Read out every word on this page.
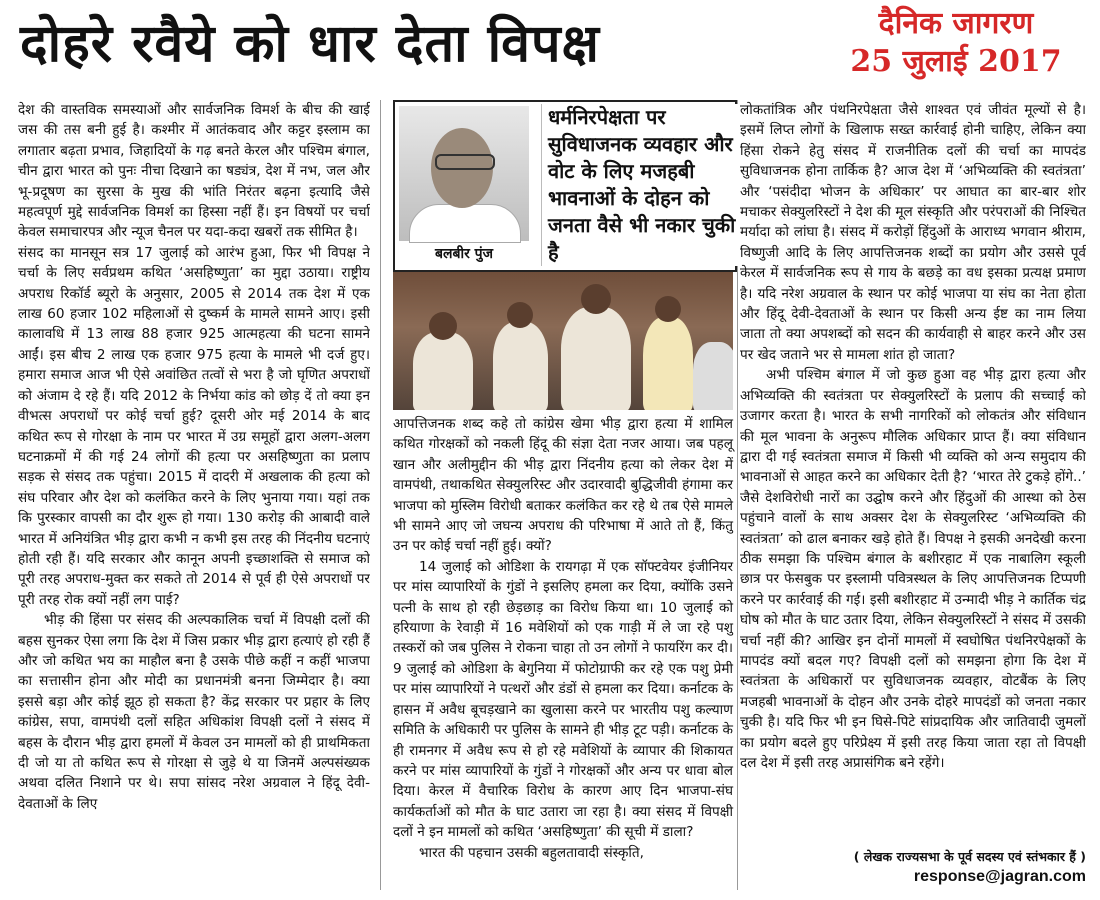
दोहरे रवैये को धार देता विपक्ष	दैनिक जागरण
25 जुलाई 2017

देश की वास्तविक समस्याओं और सार्वजनिक विमर्श के बीच की खाई जस की तस बनी हुई है। कश्मीर में आतंकवाद और कट्टर इस्लाम का लगातार बढ़ता प्रभाव, जिहादियों के गढ़ बनते केरल और पश्चिम बंगाल, चीन द्वारा भारत को पुनः नीचा दिखाने का षड्यंत्र, देश में नभ, जल और भू-प्रदूषण का सुरसा के मुख की भांति निरंतर बढ़ना इत्यादि जैसे महत्वपूर्ण मुद्दे सार्वजनिक विमर्श का हिस्सा नहीं हैं। इन विषयों पर चर्चा केवल समाचारपत्र और न्यूज चैनल पर यदा-कदा खबरों तक सीमित है।

संसद का मानसून सत्र 17 जुलाई को आरंभ हुआ, फिर भी विपक्ष ने चर्चा के लिए सर्वप्रथम कथित ‘असहिष्णुता’ का मुद्दा उठाया। राष्ट्रीय अपराध रिकॉर्ड ब्यूरो के अनुसार, 2005 से 2014 तक देश में एक लाख 60 हजार 102 महिलाओं से दुष्कर्म के मामले सामने आए। इसी कालावधि में 13 लाख 88 हजार 925 आत्महत्या की घटना सामने आईं। इस बीच 2 लाख एक हजार 975 हत्या के मामले भी दर्ज हुए। हमारा समाज आज भी ऐसे अवांछित तत्वों से भरा है जो घृणित अपराधों को अंजाम दे रहे हैं। यदि 2012 के निर्भया कांड को छोड़ दें तो क्या इन वीभत्स अपराधों पर कोई चर्चा हुई? दूसरी ओर मई 2014 के बाद कथित रूप से गोरक्षा के नाम पर भारत में उग्र समूहों द्वारा अलग-अलग घटनाक्रमों में की गई 24 लोगों की हत्या पर असहिष्णुता का प्रलाप सड़क से संसद तक पहुंचा। 2015 में दादरी में अखलाक की हत्या को संघ परिवार और देश को कलंकित करने के लिए भुनाया गया। यहां तक कि पुरस्कार वापसी का दौर शुरू हो गया। 130 करोड़ की आबादी वाले भारत में अनियंत्रित भीड़ द्वारा कभी न कभी इस तरह की निंदनीय घटनाएं होती रही हैं। यदि सरकार और कानून अपनी इच्छाशक्ति से समाज को पूरी तरह अपराध-मुक्त कर सकते तो 2014 से पूर्व ही ऐसे अपराधों पर पूरी तरह रोक क्यों नहीं लग पाई?

भीड़ की हिंसा पर संसद की अल्पकालिक चर्चा में विपक्षी दलों की बहस सुनकर ऐसा लगा कि देश में जिस प्रकार भीड़ द्वारा हत्याएं हो रही हैं और जो कथित भय का माहौल बना है उसके पीछे कहीं न कहीं भाजपा का सत्तासीन होना और मोदी का प्रधानमंत्री बनना जिम्मेदार है। क्या इससे बड़ा और कोई झूठ हो सकता है? केंद्र सरकार पर प्रहार के लिए कांग्रेस, सपा, वामपंथी दलों सहित अधिकांश विपक्षी दलों ने संसद में बहस के दौरान भीड़ द्वारा हमलों में केवल उन मामलों को ही प्राथमिकता दी जो या तो कथित रूप से गोरक्षा से जुड़े थे या जिनमें अल्पसंख्यक अथवा दलित निशाने पर थे। सपा सांसद नरेश अग्रवाल ने हिंदू देवी-देवताओं के लिए

बलबीर पुंज
धर्मनिरपेक्षता पर सुविधाजनक व्यवहार और वोट के लिए मजहबी भावनाओं के दोहन को जनता वैसे भी नकार चुकी है

आपत्तिजनक शब्द कहे तो कांग्रेस खेमा भीड़ द्वारा हत्या में शामिल कथित गोरक्षकों को नकली हिंदू की संज्ञा देता नजर आया। जब पहलू खान और अलीमुद्दीन की भीड़ द्वारा निंदनीय हत्या को लेकर देश में वामपंथी, तथाकथित सेक्युलरिस्ट और उदारवादी बुद्धिजीवी हंगामा कर भाजपा को मुस्लिम विरोधी बताकर कलंकित कर रहे थे तब ऐसे मामले भी सामने आए जो जघन्य अपराध की परिभाषा में आते तो हैं, किंतु उन पर कोई चर्चा नहीं हुई। क्यों?

14 जुलाई को ओडिशा के रायगढ़ा में एक सॉफ्टवेयर इंजीनियर पर मांस व्यापारियों के गुंडों ने इसलिए हमला कर दिया, क्योंकि उसने पत्नी के साथ हो रही छेड़छाड़ का विरोध किया था। 10 जुलाई को हरियाणा के रेवाड़ी में 16 मवेशियों को एक गाड़ी में ले जा रहे पशु तस्करों को जब पुलिस ने रोकना चाहा तो उन लोगों ने फायरिंग कर दी। 9 जुलाई को ओडिशा के बेगुनिया में फोटोग्राफी कर रहे एक पशु प्रेमी पर मांस व्यापारियों ने पत्थरों और डंडों से हमला कर दिया। कर्नाटक के हासन में अवैध बूचड़खाने का खुलासा करने पर भारतीय पशु कल्याण समिति के अधिकारी पर पुलिस के सामने ही भीड़ टूट पड़ी। कर्नाटक के ही रामनगर में अवैध रूप से हो रहे मवेशियों के व्यापार की शिकायत करने पर मांस व्यापारियों के गुंडों ने गोरक्षकों और अन्य पर धावा बोल दिया। केरल में वैचारिक विरोध के कारण आए दिन भाजपा-संघ कार्यकर्ताओं को मौत के घाट उतारा जा रहा है। क्या संसद में विपक्षी दलों ने इन मामलों को कथित ‘असहिष्णुता’ की सूची में डाला?

भारत की पहचान उसकी बहुलतावादी संस्कृति,

लोकतांत्रिक और पंथनिरपेक्षता जैसे शाश्वत एवं जीवंत मूल्यों से है। इसमें लिप्त लोगों के खिलाफ सख्त कार्रवाई होनी चाहिए, लेकिन क्या हिंसा रोकने हेतु संसद में राजनीतिक दलों की चर्चा का मापदंड सुविधाजनक होना तार्किक है? आज देश में ‘अभिव्यक्ति की स्वतंत्रता’ और ‘पसंदीदा भोजन के अधिकार’ पर आघात का बार-बार शोर मचाकर सेक्युलरिस्टों ने देश की मूल संस्कृति और परंपराओं की निश्चित मर्यादा को लांघा है। संसद में करोड़ों हिंदुओं के आराध्य भगवान श्रीराम, विष्णुजी आदि के लिए आपत्तिजनक शब्दों का प्रयोग और उससे पूर्व केरल में सार्वजनिक रूप से गाय के बछड़े का वध इसका प्रत्यक्ष प्रमाण है। यदि नरेश अग्रवाल के स्थान पर कोई भाजपा या संघ का नेता होता और हिंदू देवी-देवताओं के स्थान पर किसी अन्य ईष्ट का नाम लिया जाता तो क्या अपशब्दों को सदन की कार्यवाही से बाहर करने और उस पर खेद जताने भर से मामला शांत हो जाता?

अभी पश्चिम बंगाल में जो कुछ हुआ वह भीड़ द्वारा हत्या और अभिव्यक्ति की स्वतंत्रता पर सेक्युलरिस्टों के प्रलाप की सच्चाई को उजागर करता है। भारत के सभी नागरिकों को लोकतंत्र और संविधान की मूल भावना के अनुरूप मौलिक अधिकार प्राप्त हैं। क्या संविधान द्वारा दी गई स्वतंत्रता समाज में किसी भी व्यक्ति को अन्य समुदाय की भावनाओं से आहत करने का अधिकार देती है? ‘भारत तेरे टुकड़े होंगे..’ जैसे देशविरोधी नारों का उद्घोष करने और हिंदुओं की आस्था को ठेस पहुंचाने वालों के साथ अक्सर देश के सेक्युलरिस्ट ‘अभिव्यक्ति की स्वतंत्रता’ को ढाल बनाकर खड़े होते हैं। विपक्ष ने इसकी अनदेखी करना ठीक समझा कि पश्चिम बंगाल के बशीरहाट में एक नाबालिग स्कूली छात्र पर फेसबुक पर इस्लामी पवित्रस्थल के लिए आपत्तिजनक टिप्पणी करने पर कार्रवाई की गई। इसी बशीरहाट में उन्मादी भीड़ ने कार्तिक चंद्र घोष को मौत के घाट उतार दिया, लेकिन सेक्युलरिस्टों ने संसद में उसकी चर्चा नहीं की? आखिर इन दोनों मामलों में स्वघोषित पंथनिरपेक्षकों के मापदंड क्यों बदल गए? विपक्षी दलों को समझना होगा कि देश में स्वतंत्रता के अधिकारों पर सुविधाजनक व्यवहार, वोटबैंक के लिए मजहबी भावनाओं के दोहन और उनके दोहरे मापदंडों को जनता नकार चुकी है। यदि फिर भी इन घिसे-पिटे सांप्रदायिक और जातिवादी जुमलों का प्रयोग बदले हुए परिप्रेक्ष्य में इसी तरह किया जाता रहा तो विपक्षी दल देश में इसी तरह अप्रासंगिक बने रहेंगे।

( लेखक राज्यसभा के पूर्व सदस्य एवं स्तंभकार हैं )
response@jagran.com
